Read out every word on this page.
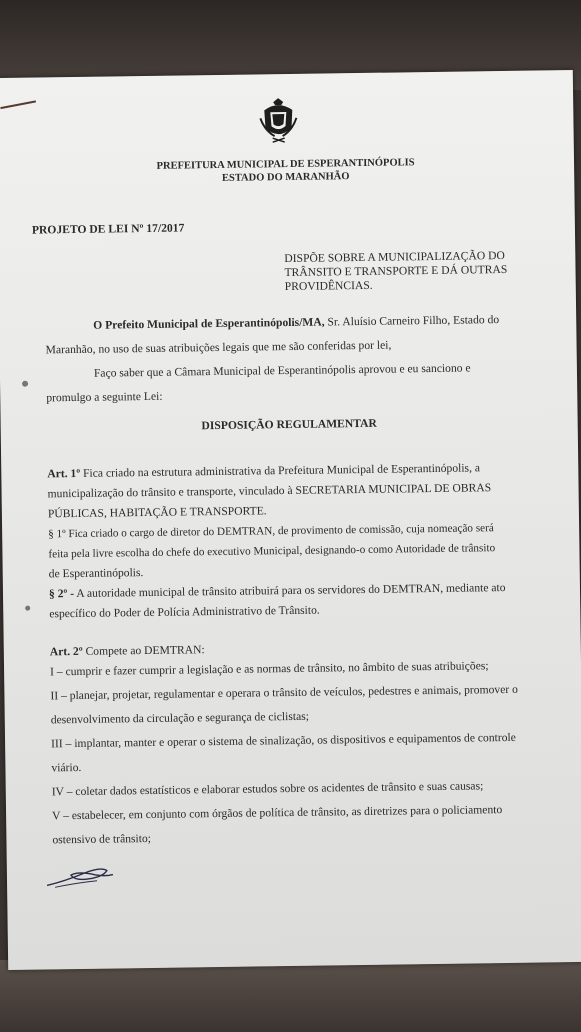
PREFEITURA MUNICIPAL DE ESPERANTINÓPOLIS
ESTADO DO MARANHÃO
PROJETO DE LEI Nº 17/2017
DISPÕE SOBRE A MUNICIPALIZAÇÃO DO
TRÂNSITO E TRANSPORTE E DÁ OUTRAS
PROVIDÊNCIAS.
O Prefeito Municipal de Esperantinópolis/MA, Sr. Aluísio Carneiro Filho, Estado do
Maranhão, no uso de suas atribuições legais que me são conferidas por lei,
Faço saber que a Câmara Municipal de Esperantinópolis aprovou e eu sanciono e
promulgo a seguinte Lei:
DISPOSIÇÃO REGULAMENTAR
Art. 1º Fica criado na estrutura administrativa da Prefeitura Municipal de Esperantinópolis, a
municipalização do trânsito e transporte, vinculado à SECRETARIA MUNICIPAL DE OBRAS
PÚBLICAS, HABITAÇÃO E TRANSPORTE.
§ 1º Fica criado o cargo de diretor do DEMTRAN, de provimento de comissão, cuja nomeação será
feita pela livre escolha do chefe do executivo Municipal, designando-o como Autoridade de trânsito
de Esperantinópolis.
§ 2º - A autoridade municipal de trânsito atribuirá para os servidores do DEMTRAN, mediante ato
específico do Poder de Polícia Administrativo de Trânsito.
Art. 2º Compete ao DEMTRAN:
I – cumprir e fazer cumprir a legislação e as normas de trânsito, no âmbito de suas atribuições;
II – planejar, projetar, regulamentar e operara o trânsito de veículos, pedestres e animais, promover o
desenvolvimento da circulação e segurança de ciclistas;
III – implantar, manter e operar o sistema de sinalização, os dispositivos e equipamentos de controle
viário.
IV – coletar dados estatísticos e elaborar estudos sobre os acidentes de trânsito e suas causas;
V – estabelecer, em conjunto com órgãos de política de trânsito, as diretrizes para o policiamento
ostensivo de trânsito;
